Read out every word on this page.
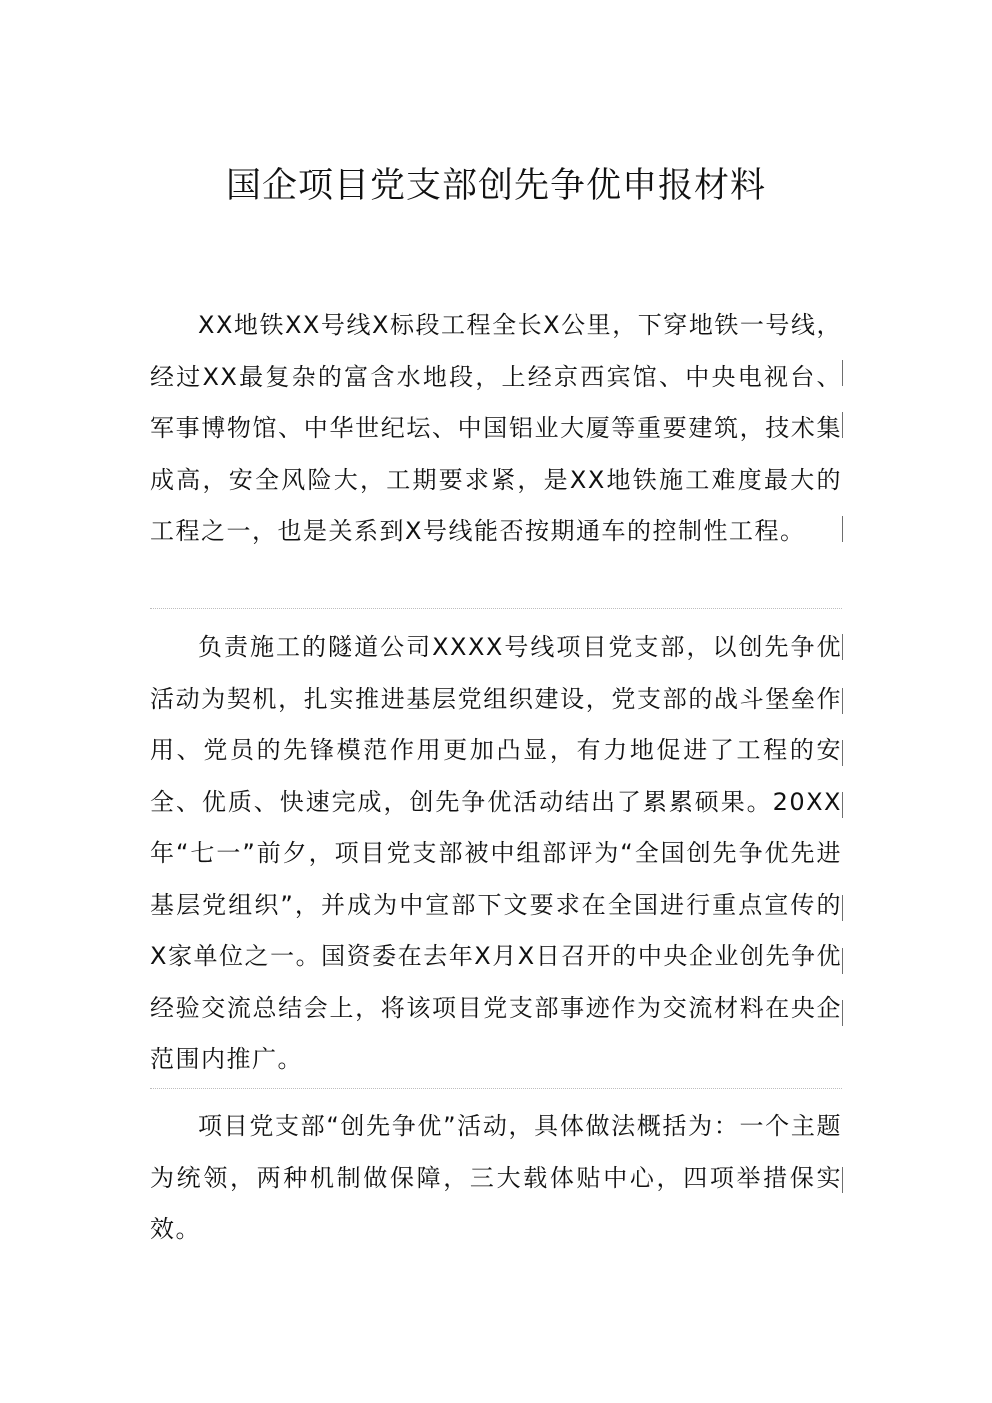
国企项目党支部创先争优申报材料

XX地铁XX号线X标段工程全长X公里，下穿地铁一号线，经过XX最复杂的富含水地段，上经京西宾馆、中央电视台、军事博物馆、中华世纪坛、中国铝业大厦等重要建筑，技术集成高，安全风险大，工期要求紧，是XX地铁施工难度最大的工程之一，也是关系到X号线能否按期通车的控制性工程。

负责施工的隧道公司XXXX号线项目党支部，以创先争优活动为契机，扎实推进基层党组织建设，党支部的战斗堡垒作用、党员的先锋模范作用更加凸显，有力地促进了工程的安全、优质、快速完成，创先争优活动结出了累累硕果。20XX年“七一”前夕，项目党支部被中组部评为“全国创先争优先进基层党组织”，并成为中宣部下文要求在全国进行重点宣传的X家单位之一。国资委在去年X月X日召开的中央企业创先争优经验交流总结会上，将该项目党支部事迹作为交流材料在央企范围内推广。

项目党支部“创先争优”活动，具体做法概括为：一个主题为统领，两种机制做保障，三大载体贴中心，四项举措保实效。
